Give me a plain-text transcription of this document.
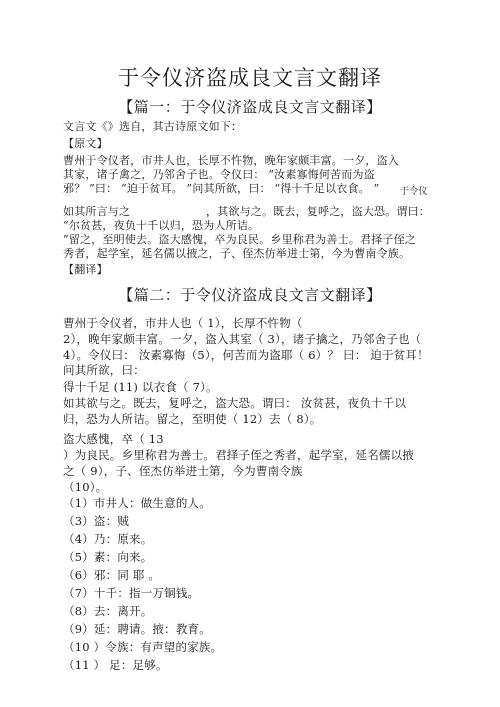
于令仪济盗成良文言文翻译
【篇一：于令仪济盗成良文言文翻译】
文言文《》选自，其古诗原文如下：
【原文】
曹州于令仪者，市井人也，长厚不忤物，晚年家颇丰富。一夕，盗入
其家，诸子禽之，乃邻舍子也。令仪曰： “汝素寡悔何苦而为盗
邪？ ”曰： “迫于贫耳。 ”问其所欲，曰： “得十千足以衣食。 ” 于令仪
如其所言与之	，其欲与之。既去，复呼之，盗大恐。谓曰：
“尔贫甚，夜负十千以归，恐为人所诘。
”留之，至明使去。盗大感愧，卒为良民。乡里称君为善士。君择子侄之
秀者，起学室，延名儒以掖之，子、侄杰仿举进士第，今为曹南令族。
【翻译】
【篇二：于令仪济盗成良文言文翻译】
曹州于令仪者，市井人也（ 1），长厚不忤物（
2），晚年家颇丰富。一夕，盗入其室（ 3），诸子擒之，乃邻舍子也（
4）。令仪曰： 汝素寡悔（5），何苦而为盗耶（ 6）？ 曰： 迫于贫耳！
问其所欲，曰：
得十千足 (11) 以衣食（ 7）。
如其欲与之。既去，复呼之，盗大恐。谓曰： 汝贫甚，夜负十千以
归，恐为人所诘。留之，至明使（ 12）去（ 8）。
盗大感愧，卒（ 13
）为良民。乡里称君为善士。君择子侄之秀者，起学室，延名儒以掖
之（ 9），子、侄杰仿举进士第，今为曹南令族
（10）。
（1）市井人：做生意的人。
（3）盗：贼
（4）乃：原来。
（5）素：向来。
（6）邪：同 耶 。
（7）十千：指一万铜钱。
（8）去：离开。
（9）延：聘请。掖：教育。
（10 ）令族：有声望的家族。
（11 ） 足：足够。
